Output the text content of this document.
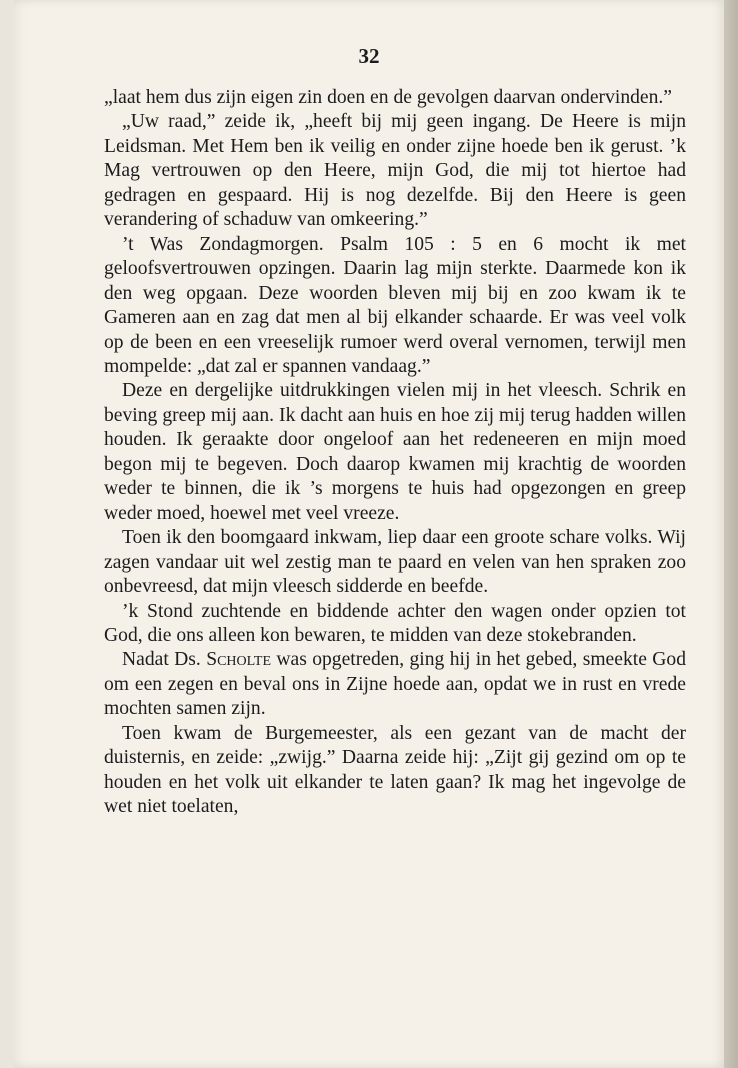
32

„laat hem dus zijn eigen zin doen en de gevolgen daarvan ondervinden.”

„Uw raad,” zeide ik, „heeft bij mij geen ingang. De Heere is mijn Leidsman. Met Hem ben ik veilig en onder zijne hoede ben ik gerust. ’k Mag vertrouwen op den Heere, mijn God, die mij tot hiertoe had gedragen en gespaard. Hij is nog dezelfde. Bij den Heere is geen verandering of schaduw van omkeering.”

’t Was Zondagmorgen. Psalm 105 : 5 en 6 mocht ik met geloofsvertrouwen opzingen. Daarin lag mijn sterkte. Daarmede kon ik den weg opgaan. Deze woorden bleven mij bij en zoo kwam ik te Gameren aan en zag dat men al bij elkander schaarde. Er was veel volk op de been en een vreeselijk rumoer werd overal vernomen, terwijl men mompelde: „dat zal er spannen vandaag.”

Deze en dergelijke uitdrukkingen vielen mij in het vleesch. Schrik en beving greep mij aan. Ik dacht aan huis en hoe zij mij terug hadden willen houden. Ik geraakte door ongeloof aan het redeneeren en mijn moed begon mij te begeven. Doch daarop kwamen mij krachtig de woorden weder te binnen, die ik ’s morgens te huis had opgezongen en greep weder moed, hoewel met veel vreeze.

Toen ik den boomgaard inkwam, liep daar een groote schare volks. Wij zagen vandaar uit wel zestig man te paard en velen van hen spraken zoo onbevreesd, dat mijn vleesch sidderde en beefde.

’k Stond zuchtende en biddende achter den wagen onder opzien tot God, die ons alleen kon bewaren, te midden van deze stokebranden.

Nadat Ds. Scholte was opgetreden, ging hij in het gebed, smeekte God om een zegen en beval ons in Zijne hoede aan, opdat we in rust en vrede mochten samen zijn.

Toen kwam de Burgemeester, als een gezant van de macht der duisternis, en zeide: „zwijg.” Daarna zeide hij: „Zijt gij gezind om op te houden en het volk uit elkander te laten gaan? Ik mag het ingevolge de wet niet toelaten,
